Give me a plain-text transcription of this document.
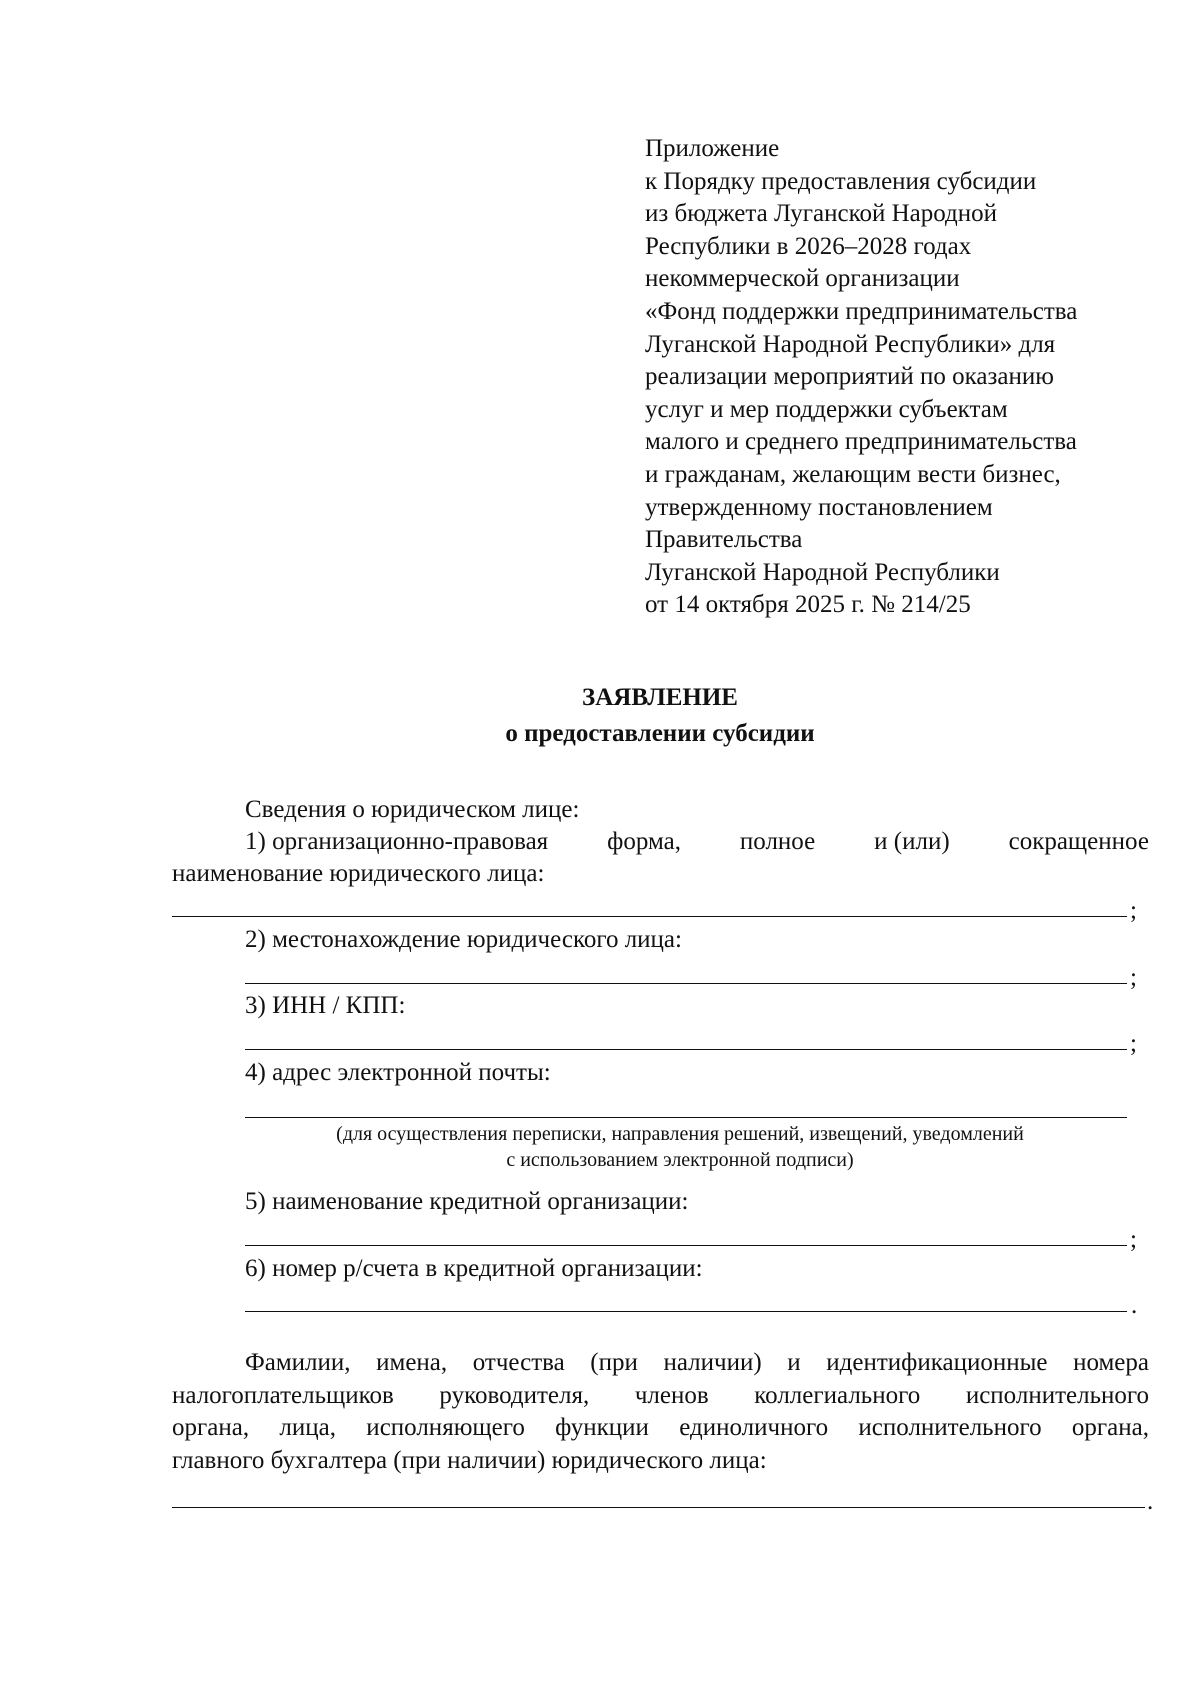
Приложение
к Порядку предоставления субсидии
из бюджета Луганской Народной
Республики в 2026–2028 годах
некоммерческой организации
«Фонд поддержки предпринимательства
Луганской Народной Республики» для
реализации мероприятий по оказанию
услуг и мер поддержки субъектам
малого и среднего предпринимательства
и гражданам, желающим вести бизнес,
утвержденному постановлением
Правительства
Луганской Народной Республики
от 14 октября 2025 г. № 214/25
ЗАЯВЛЕНИЕ
о предоставлении субсидии
Сведения о юридическом лице:
1) организационно-правовая форма, полное и (или) сокращенное
наименование юридического лица:
;
2) местонахождение юридического лица:
;
3) ИНН / КПП:
;
4) адрес электронной почты:
(для осуществления переписки, направления решений, извещений, уведомлений
с использованием электронной подписи)
5) наименование кредитной организации:
;
6) номер р/счета в кредитной организации:
.
Фамилии, имена, отчества (при наличии) и идентификационные номера
налогоплательщиков руководителя, членов коллегиального исполнительного
органа, лица, исполняющего функции единоличного исполнительного органа,
главного бухгалтера (при наличии) юридического лица:
.
